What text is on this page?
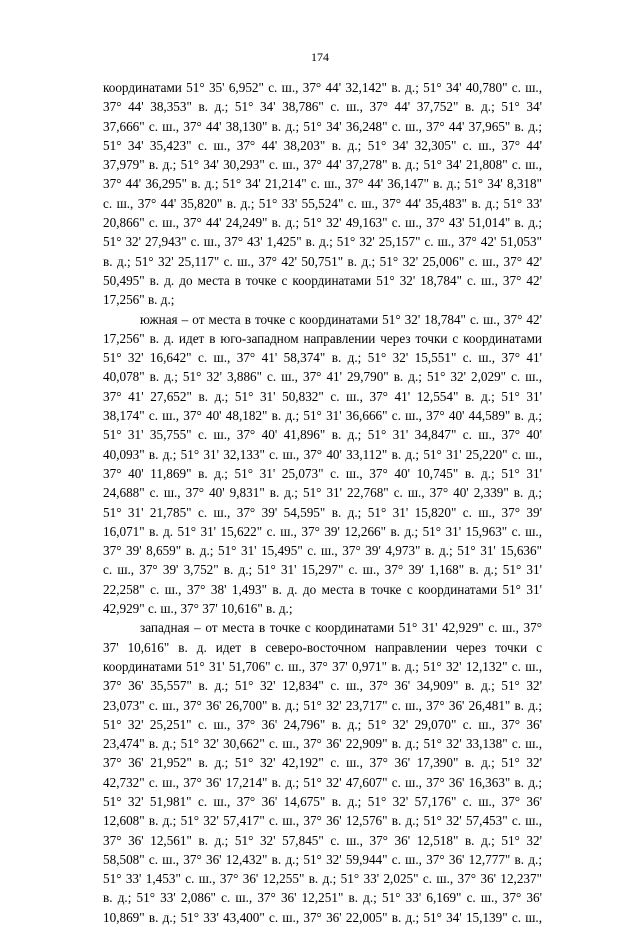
174
координатами 51° 35' 6,952" с. ш., 37° 44' 32,142" в. д.; 51° 34' 40,780" с. ш.,
37° 44' 38,353" в. д.; 51° 34' 38,786" с. ш., 37° 44' 37,752" в. д.; 51° 34'
37,666" с. ш., 37° 44' 38,130" в. д.; 51° 34' 36,248" с. ш., 37° 44' 37,965" в. д.;
51° 34' 35,423" с. ш., 37° 44' 38,203" в. д.; 51° 34' 32,305" с. ш., 37° 44'
37,979" в. д.; 51° 34' 30,293" с. ш., 37° 44' 37,278" в. д.; 51° 34' 21,808" с. ш.,
37° 44' 36,295" в. д.; 51° 34' 21,214" с. ш., 37° 44' 36,147" в. д.; 51° 34' 8,318"
с. ш., 37° 44' 35,820" в. д.; 51° 33' 55,524" с. ш., 37° 44' 35,483" в. д.; 51° 33'
20,866" с. ш., 37° 44' 24,249" в. д.; 51° 32' 49,163" с. ш., 37° 43' 51,014" в. д.;
51° 32' 27,943" с. ш., 37° 43' 1,425" в. д.; 51° 32' 25,157" с. ш., 37° 42' 51,053"
в. д.; 51° 32' 25,117" с. ш., 37° 42' 50,751" в. д.; 51° 32' 25,006" с. ш., 37° 42'
50,495" в. д. до места в точке с координатами 51° 32' 18,784" с. ш., 37° 42'
17,256" в. д.;
южная – от места в точке с координатами 51° 32' 18,784" с. ш., 37° 42'
17,256" в. д. идет в юго-западном направлении через точки с координатами
51° 32' 16,642" с. ш., 37° 41' 58,374" в. д.; 51° 32' 15,551" с. ш., 37° 41'
40,078" в. д.; 51° 32' 3,886" с. ш., 37° 41' 29,790" в. д.; 51° 32' 2,029" с. ш.,
37° 41' 27,652" в. д.; 51° 31' 50,832" с. ш., 37° 41' 12,554" в. д.; 51° 31'
38,174" с. ш., 37° 40' 48,182" в. д.; 51° 31' 36,666" с. ш., 37° 40' 44,589" в. д.;
51° 31' 35,755" с. ш., 37° 40' 41,896" в. д.; 51° 31' 34,847" с. ш., 37° 40'
40,093" в. д.; 51° 31' 32,133" с. ш., 37° 40' 33,112" в. д.; 51° 31' 25,220" с. ш.,
37° 40' 11,869" в. д.; 51° 31' 25,073" с. ш., 37° 40' 10,745" в. д.; 51° 31'
24,688" с. ш., 37° 40' 9,831" в. д.; 51° 31' 22,768" с. ш., 37° 40' 2,339" в. д.;
51° 31' 21,785" с. ш., 37° 39' 54,595" в. д.; 51° 31' 15,820" с. ш., 37° 39'
16,071" в. д. 51° 31' 15,622" с. ш., 37° 39' 12,266" в. д.; 51° 31' 15,963" с. ш.,
37° 39' 8,659" в. д.; 51° 31' 15,495" с. ш., 37° 39' 4,973" в. д.; 51° 31' 15,636"
с. ш., 37° 39' 3,752" в. д.; 51° 31' 15,297" с. ш., 37° 39' 1,168" в. д.; 51° 31'
22,258" с. ш., 37° 38' 1,493" в. д. до места в точке с координатами 51° 31'
42,929" с. ш., 37° 37' 10,616" в. д.;
западная – от места в точке с координатами 51° 31' 42,929" с. ш., 37°
37' 10,616" в. д. идет в северо-восточном направлении через точки с
координатами 51° 31' 51,706" с. ш., 37° 37' 0,971" в. д.; 51° 32' 12,132" с. ш.,
37° 36' 35,557" в. д.; 51° 32' 12,834" с. ш., 37° 36' 34,909" в. д.; 51° 32'
23,073" с. ш., 37° 36' 26,700" в. д.; 51° 32' 23,717" с. ш., 37° 36' 26,481" в. д.;
51° 32' 25,251" с. ш., 37° 36' 24,796" в. д.; 51° 32' 29,070" с. ш., 37° 36'
23,474" в. д.; 51° 32' 30,662" с. ш., 37° 36' 22,909" в. д.; 51° 32' 33,138" с. ш.,
37° 36' 21,952" в. д.; 51° 32' 42,192" с. ш., 37° 36' 17,390" в. д.; 51° 32'
42,732" с. ш., 37° 36' 17,214" в. д.; 51° 32' 47,607" с. ш., 37° 36' 16,363" в. д.;
51° 32' 51,981" с. ш., 37° 36' 14,675" в. д.; 51° 32' 57,176" с. ш., 37° 36'
12,608" в. д.; 51° 32' 57,417" с. ш., 37° 36' 12,576" в. д.; 51° 32' 57,453" с. ш.,
37° 36' 12,561" в. д.; 51° 32' 57,845" с. ш., 37° 36' 12,518" в. д.; 51° 32'
58,508" с. ш., 37° 36' 12,432" в. д.; 51° 32' 59,944" с. ш., 37° 36' 12,777" в. д.;
51° 33' 1,453" с. ш., 37° 36' 12,255" в. д.; 51° 33' 2,025" с. ш., 37° 36' 12,237"
в. д.; 51° 33' 2,086" с. ш., 37° 36' 12,251" в. д.; 51° 33' 6,169" с. ш., 37° 36'
10,869" в. д.; 51° 33' 43,400" с. ш., 37° 36' 22,005" в. д.; 51° 34' 15,139" с. ш.,
